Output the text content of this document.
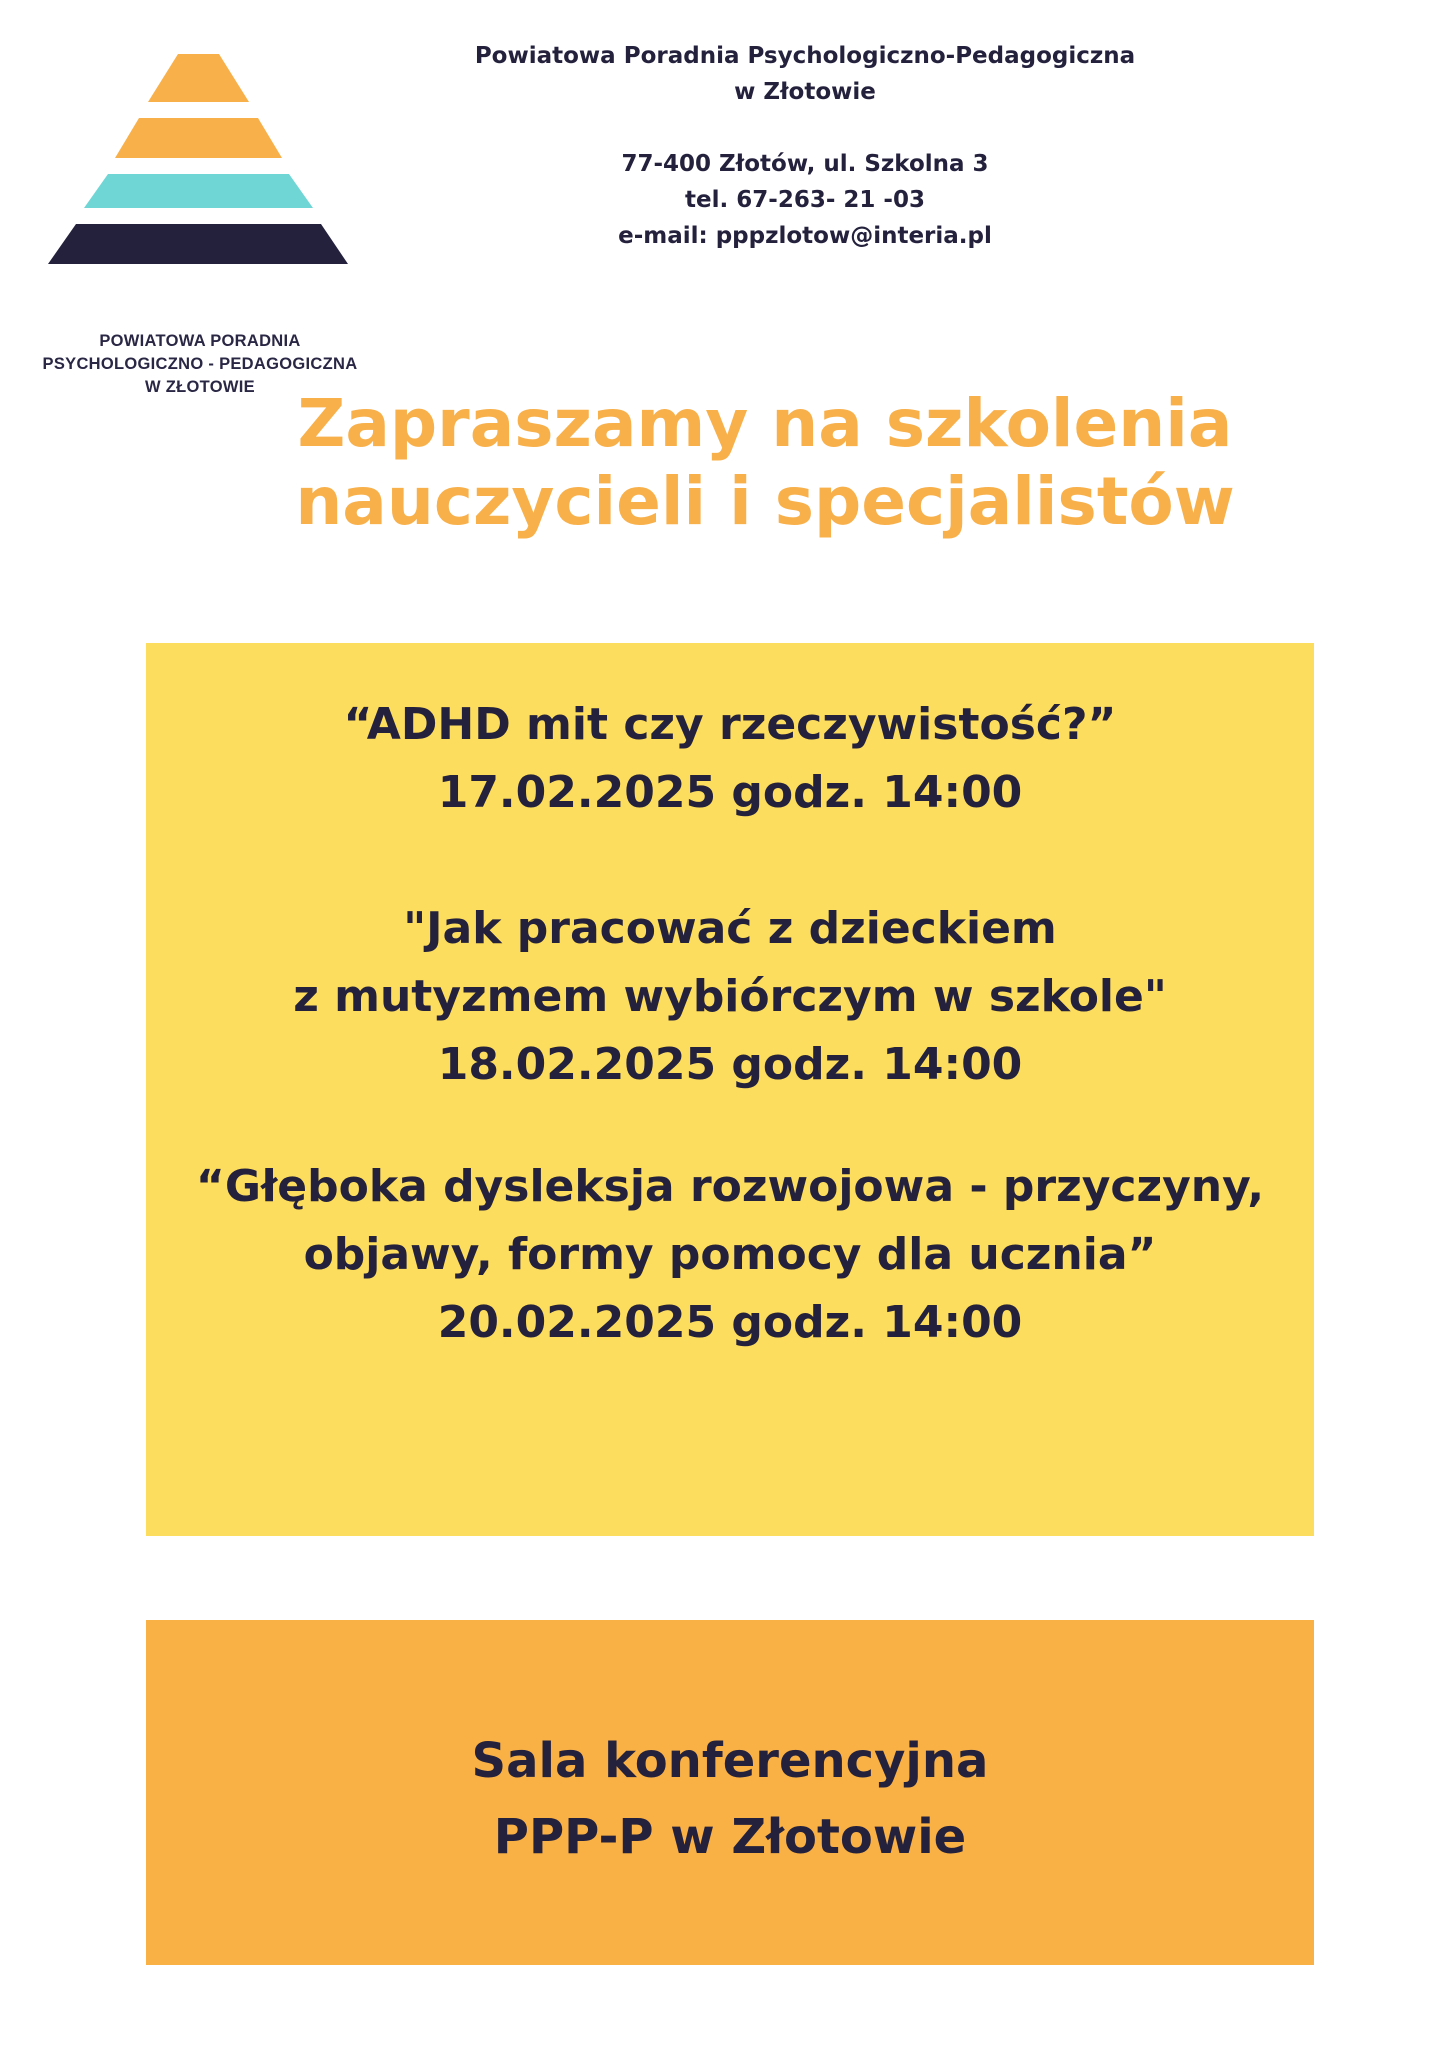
POWIATOWA PORADNIA
PSYCHOLOGICZNO - PEDAGOGICZNA
W ZŁOTOWIE
Powiatowa Poradnia Psychologiczno-Pedagogiczna
w Złotowie
77-400 Złotów, ul. Szkolna 3
tel. 67-263- 21 -03
e-mail: pppzlotow@interia.pl
Zapraszamy na szkolenia
nauczycieli i specjalistów
“ADHD mit czy rzeczywistość?”
17.02.2025 godz. 14:00
"Jak pracować z dzieckiem
z mutyzmem wybiórczym w szkole"
18.02.2025 godz. 14:00
“Głęboka dysleksja rozwojowa - przyczyny,
objawy, formy pomocy dla ucznia”
20.02.2025 godz. 14:00
Sala konferencyjna
PPP-P w Złotowie
